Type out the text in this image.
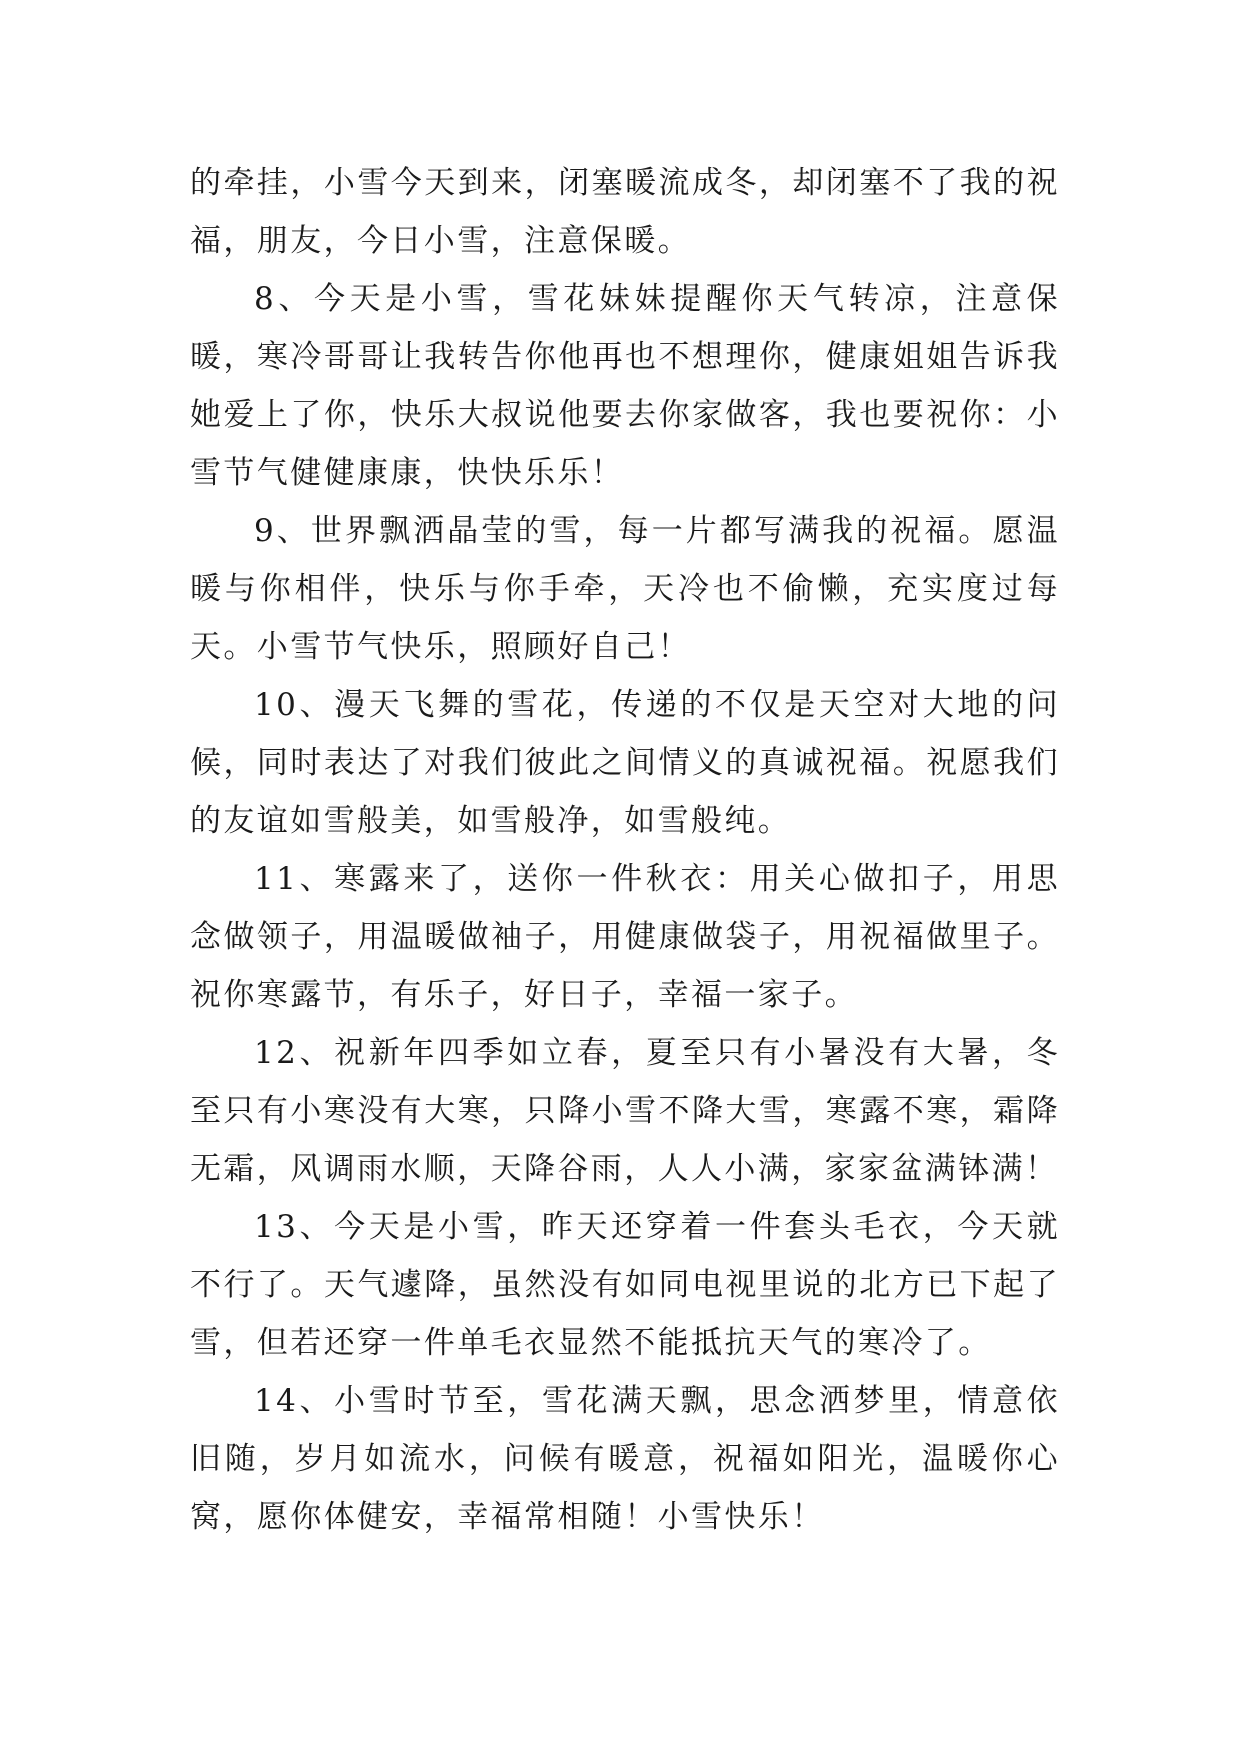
的牵挂，小雪今天到来，闭塞暖流成冬，却闭塞不了我的祝福，朋友，今日小雪，注意保暖。

8、今天是小雪，雪花妹妹提醒你天气转凉，注意保暖，寒冷哥哥让我转告你他再也不想理你，健康姐姐告诉我她爱上了你，快乐大叔说他要去你家做客，我也要祝你：小雪节气健健康康，快快乐乐！

9、世界飘洒晶莹的雪，每一片都写满我的祝福。愿温暖与你相伴，快乐与你手牵，天冷也不偷懒，充实度过每天。小雪节气快乐，照顾好自己！

10、漫天飞舞的雪花，传递的不仅是天空对大地的问候，同时表达了对我们彼此之间情义的真诚祝福。祝愿我们的友谊如雪般美，如雪般净，如雪般纯。

11、寒露来了，送你一件秋衣：用关心做扣子，用思念做领子，用温暖做袖子，用健康做袋子，用祝福做里子。祝你寒露节，有乐子，好日子，幸福一家子。

12、祝新年四季如立春，夏至只有小暑没有大暑，冬至只有小寒没有大寒，只降小雪不降大雪，寒露不寒，霜降无霜，风调雨水顺，天降谷雨，人人小满，家家盆满钵满！

13、今天是小雪，昨天还穿着一件套头毛衣，今天就不行了。天气遽降，虽然没有如同电视里说的北方已下起了雪，但若还穿一件单毛衣显然不能抵抗天气的寒冷了。

14、小雪时节至，雪花满天飘，思念洒梦里，情意依旧随，岁月如流水，问候有暖意，祝福如阳光，温暖你心窝，愿你体健安，幸福常相随！小雪快乐！
